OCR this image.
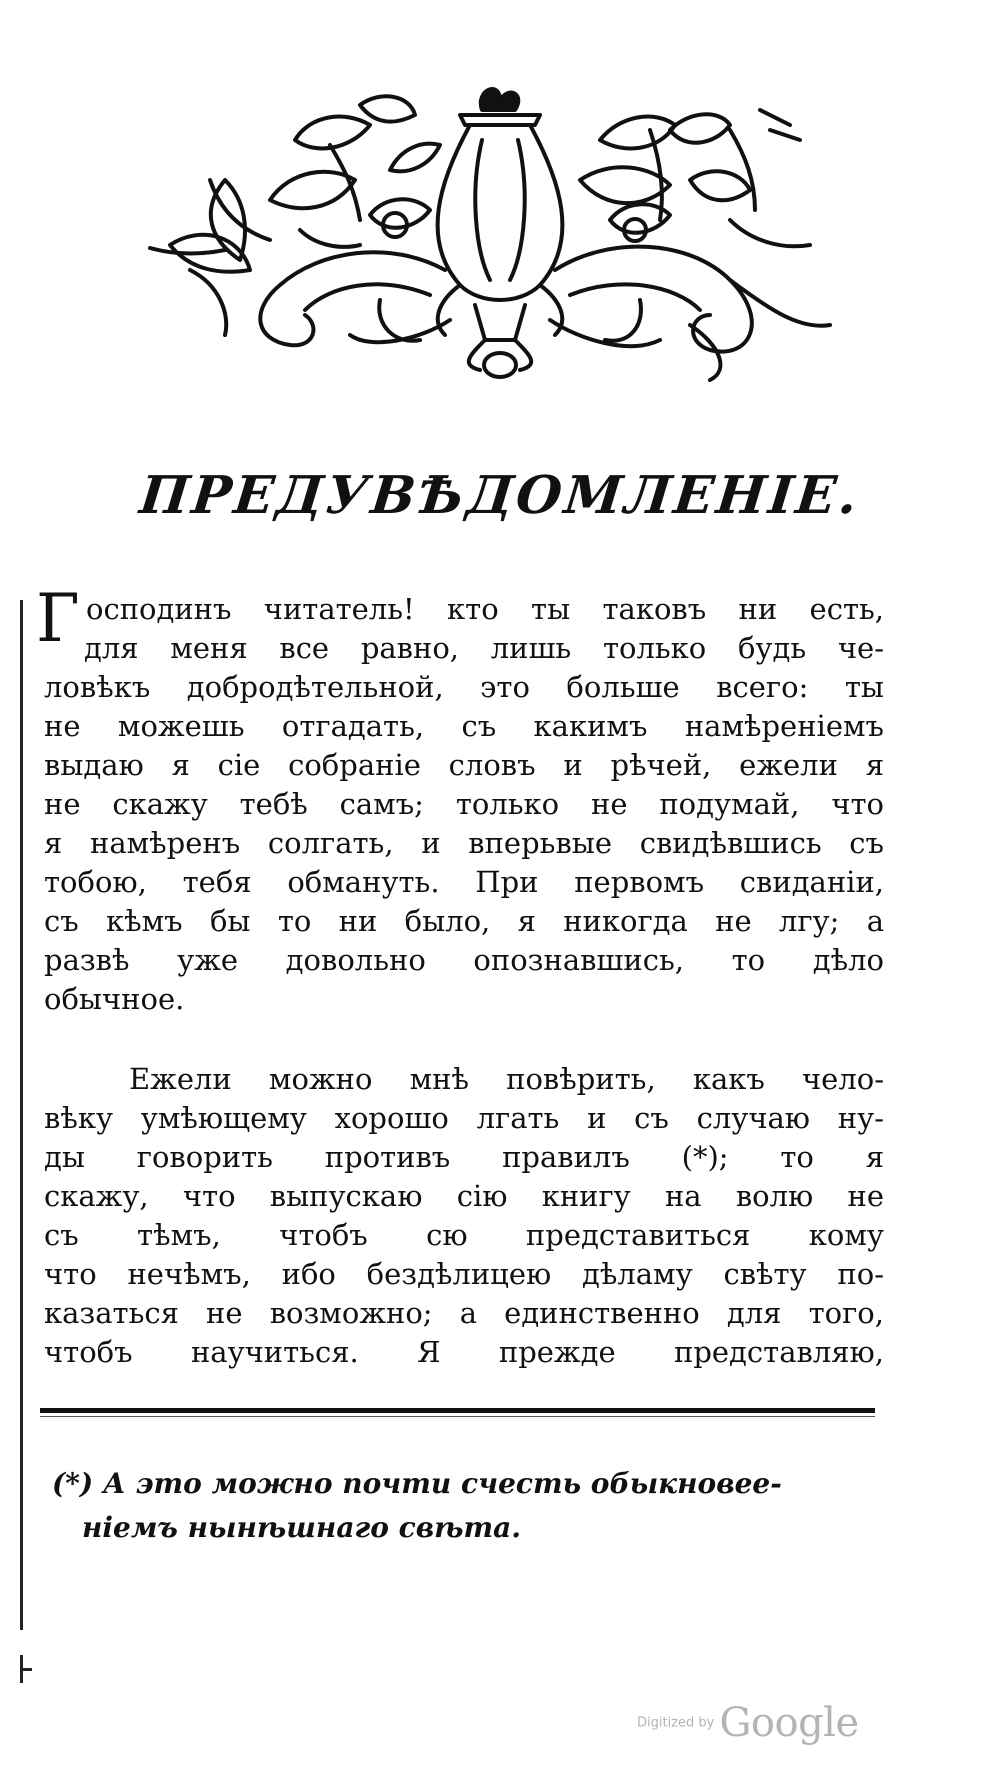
ПРЕДУВѢДОМЛЕНІЕ.
Г осподинъ читатель! кто ты таковъ ни есть,
для меня все равно, лишь только будь че-
ловѣкъ добродѣтельной, это больше всего: ты
не можешь отгадать, съ какимъ намѣреніемъ
выдаю я сіе собраніе словъ и рѣчей, ежели я
не скажу тебѣ самъ; только не подумай, что
я намѣренъ солгать, и вперьвые свидѣвшись съ
тобою, тебя обмануть. При первомъ свиданіи,
съ кѣмъ бы то ни было, я никогда не лгу; а
развѣ уже довольно опознавшись, то дѣло
обычное.
Ежели можно мнѣ повѣрить, какъ чело-
вѣку умѣющему хорошо лгать и съ случаю ну-
ды говорить противъ правилъ (*); то я
скажу, что выпускаю сію книгу на волю не
съ тѣмъ, чтобъ сю представиться кому
что нечѣмъ, ибо бездѣлицею дѣламу свѣту по-
казаться не возможно; а единственно для того,
чтобъ научиться. Я прежде представляю,
(*) А это можно почти счесть обыкновеe-
ніемъ нынѣшнаго свѣта.
Digitized by Google
